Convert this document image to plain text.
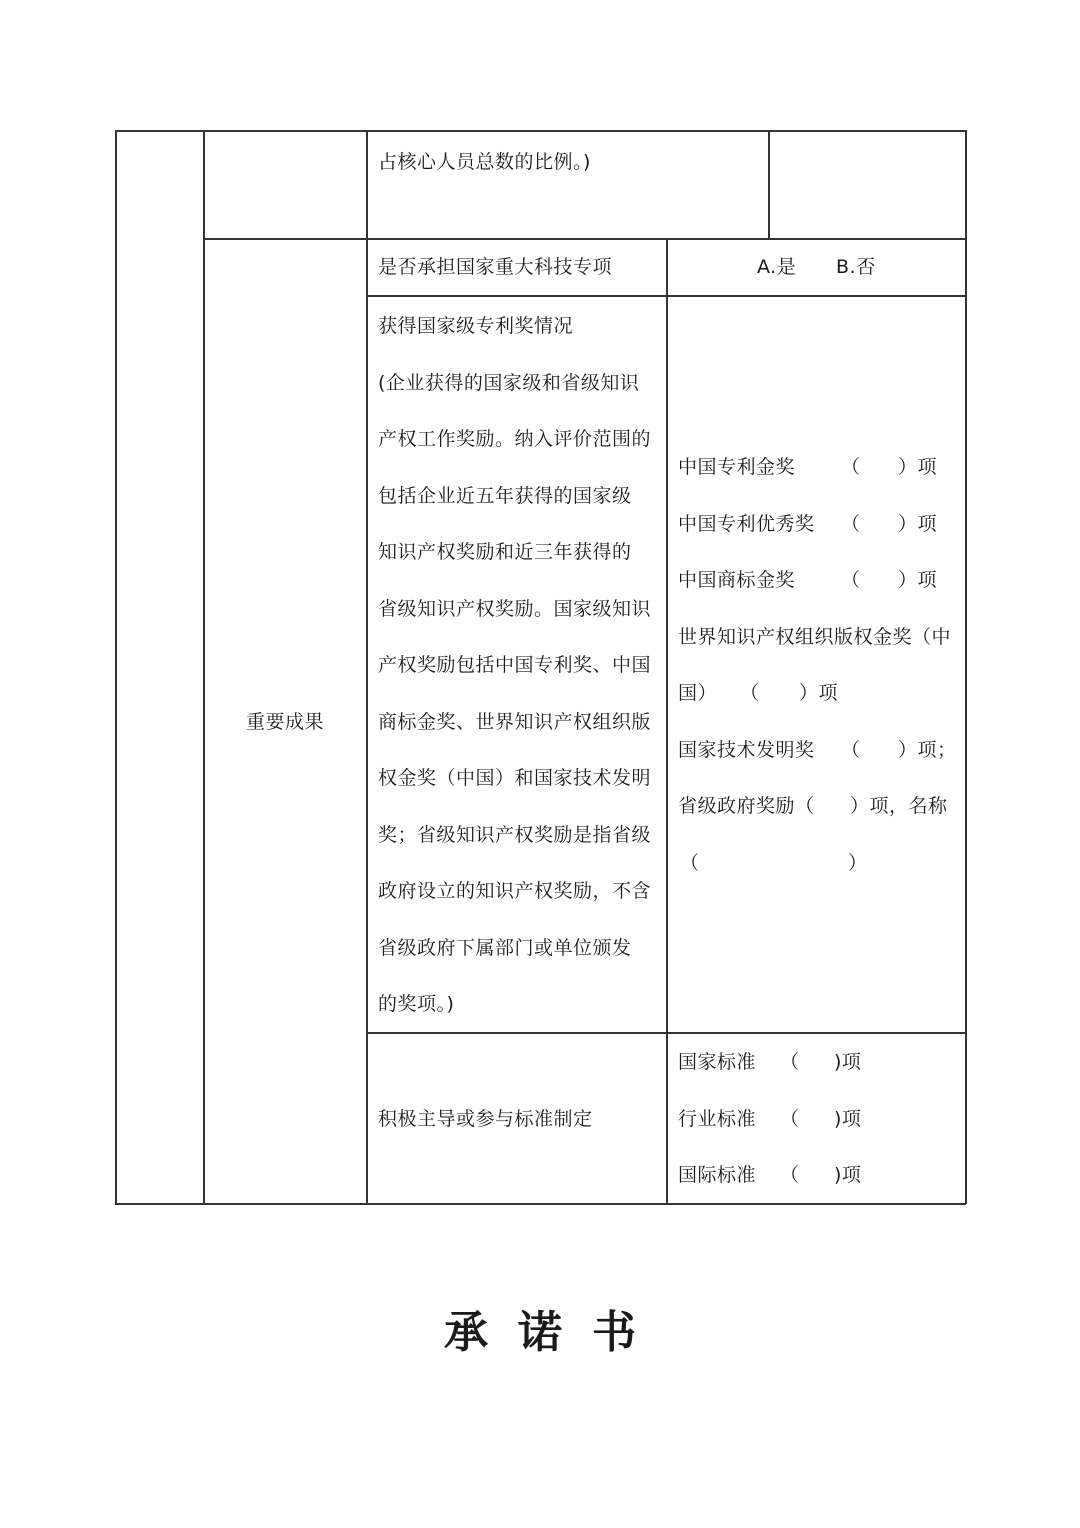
占核心人员总数的比例。)
重要成果
是否承担国家重大科技专项	A.是 B.否
获得国家级专利奖情况
(企业获得的国家级和省级知识
产权工作奖励。纳入评价范围的
包括企业近五年获得的国家级
知识产权奖励和近三年获得的
省级知识产权奖励。国家级知识
产权奖励包括中国专利奖、中国
商标金奖、世界知识产权组织版
权金奖（中国）和国家技术发明
奖；省级知识产权奖励是指省级
政府设立的知识产权奖励，不含
省级政府下属部门或单位颁发
的奖项。)
中国专利金奖 （ ）项
中国专利优秀奖 （ ）项
中国商标金奖 （ ）项
世界知识产权组织版权金奖（中
国） （ ）项
国家技术发明奖 （ ）项；
省级政府奖励（ ）项，名称
（	）
积极主导或参与标准制定
国家标准 （ )项
行业标准 （ )项
国际标准 （ )项
承诺书
